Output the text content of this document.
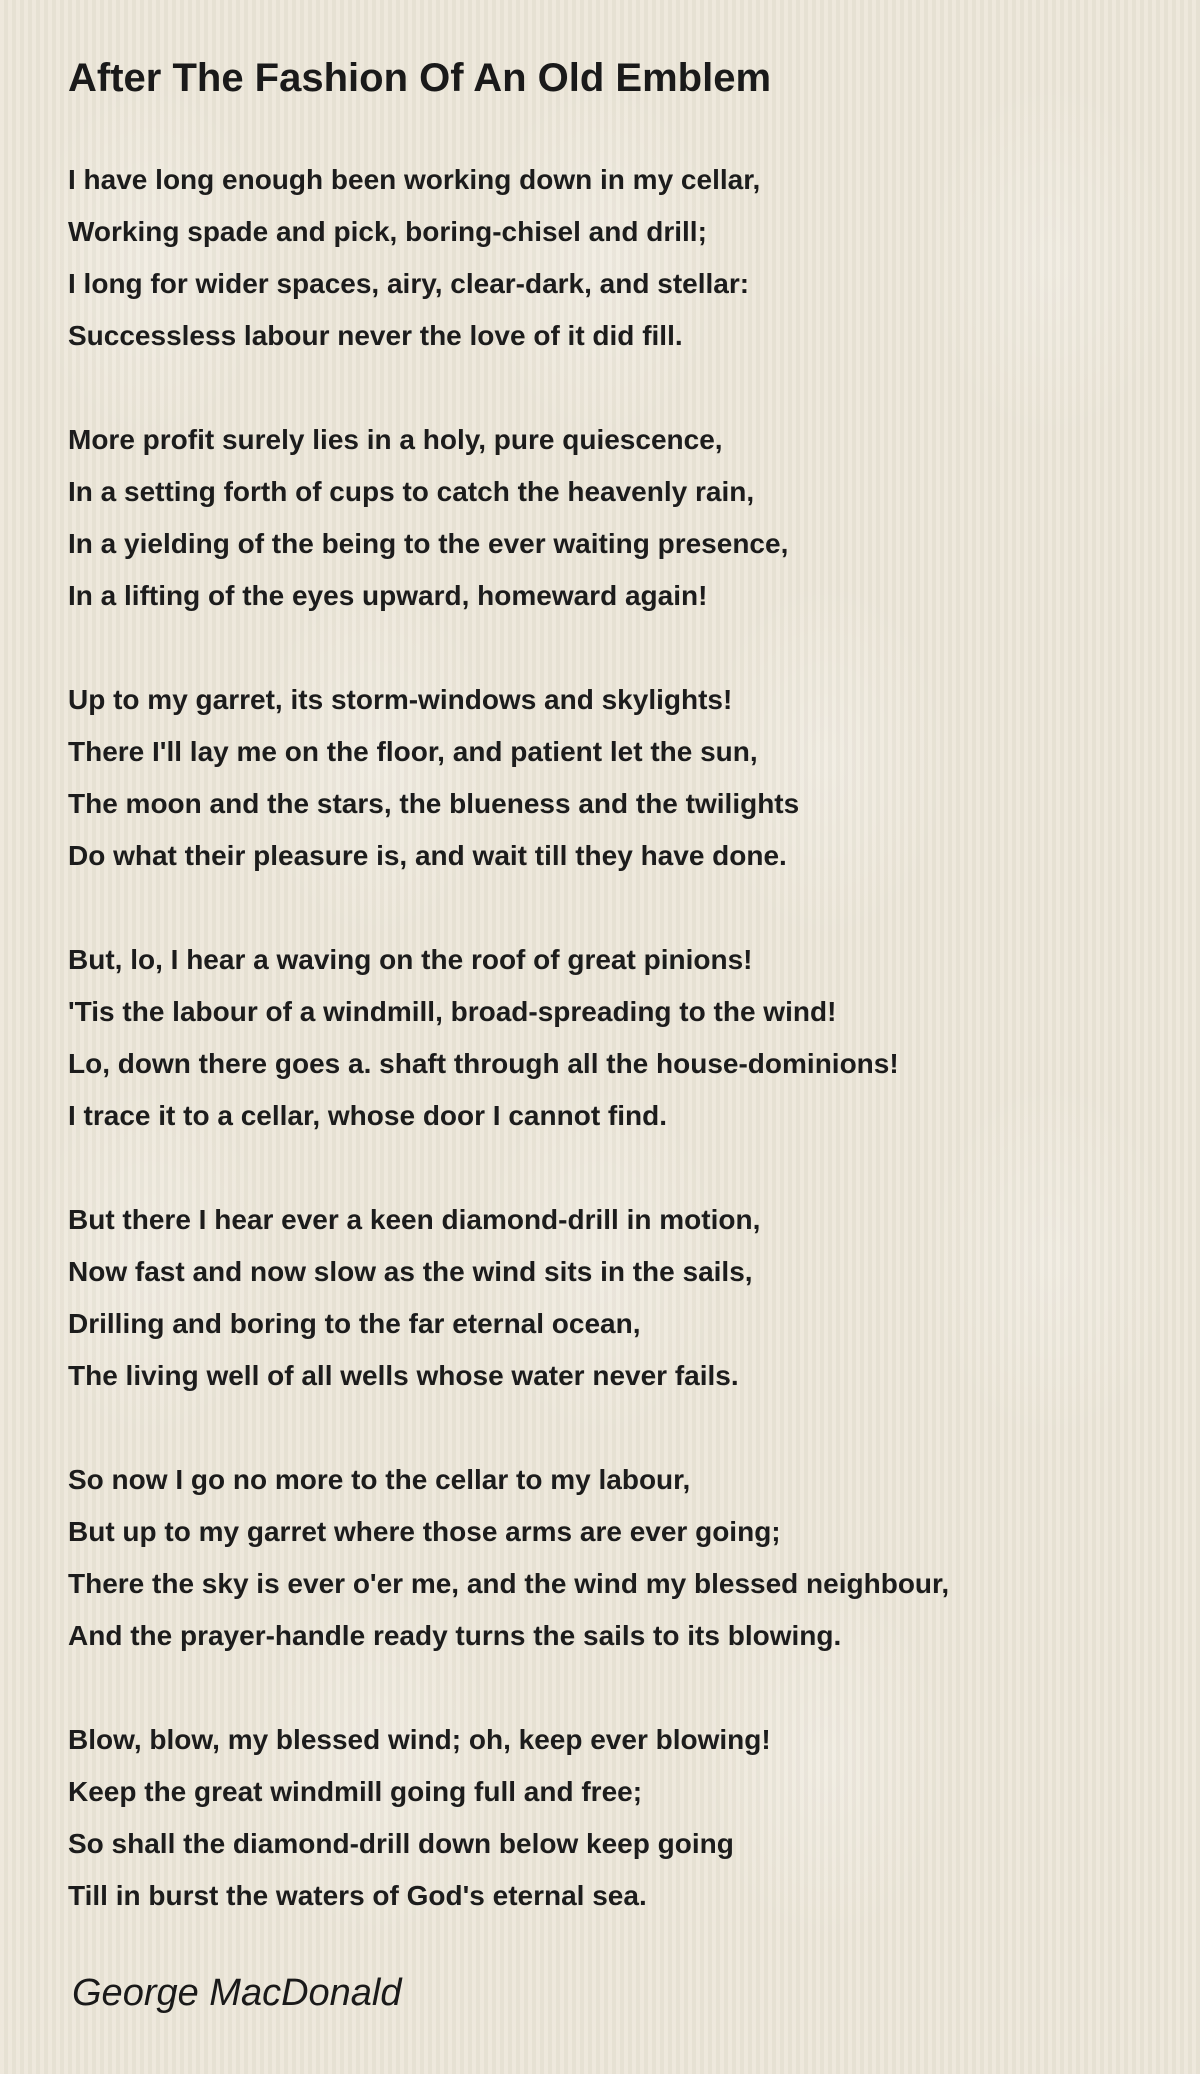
After The Fashion Of An Old Emblem
I have long enough been working down in my cellar,
Working spade and pick, boring-chisel and drill;
I long for wider spaces, airy, clear-dark, and stellar:
Successless labour never the love of it did fill.
More profit surely lies in a holy, pure quiescence,
In a setting forth of cups to catch the heavenly rain,
In a yielding of the being to the ever waiting presence,
In a lifting of the eyes upward, homeward again!
Up to my garret, its storm-windows and skylights!
There I'll lay me on the floor, and patient let the sun,
The moon and the stars, the blueness and the twilights
Do what their pleasure is, and wait till they have done.
But, lo, I hear a waving on the roof of great pinions!
'Tis the labour of a windmill, broad-spreading to the wind!
Lo, down there goes a. shaft through all the house-dominions!
I trace it to a cellar, whose door I cannot find.
But there I hear ever a keen diamond-drill in motion,
Now fast and now slow as the wind sits in the sails,
Drilling and boring to the far eternal ocean,
The living well of all wells whose water never fails.
So now I go no more to the cellar to my labour,
But up to my garret where those arms are ever going;
There the sky is ever o'er me, and the wind my blessed neighbour,
And the prayer-handle ready turns the sails to its blowing.
Blow, blow, my blessed wind; oh, keep ever blowing!
Keep the great windmill going full and free;
So shall the diamond-drill down below keep going
Till in burst the waters of God's eternal sea.

George MacDonald
